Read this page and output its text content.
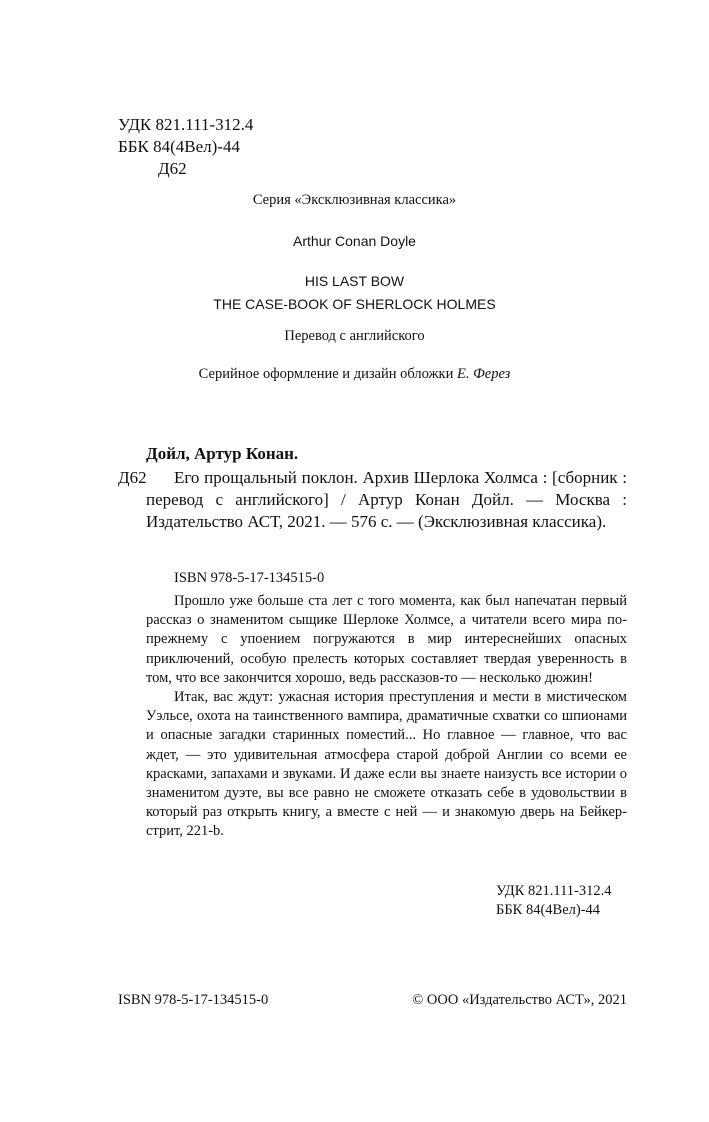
УДК 821.111-312.4
ББК 84(4Вел)-44
Д62
Серия «Эксклюзивная классика»
Arthur Conan Doyle
HIS LAST BOW
THE CASE-BOOK OF SHERLOCK HOLMES
Перевод с английского
Серийное оформление и дизайн обложки Е. Ферез
Дойл, Артур Конан.
Д62	Его прощальный поклон. Архив Шерлока Холмса : [сборник : перевод с английского] / Артур Конан Дойл. — Москва : Издательство АСТ, 2021. — 576 с. — (Эксклюзивная классика).

ISBN 978-5-17-134515-0

Прошло уже больше ста лет с того момента, как был напечатан первый рассказ о знаменитом сыщике Шерлоке Холмсе, а читатели всего мира по-прежнему с упоением погружаются в мир интереснейших опасных приключений, особую прелесть которых составляет твердая уверенность в том, что все закончится хорошо, ведь рассказов-то — несколько дюжин!

Итак, вас ждут: ужасная история преступления и мести в мистическом Уэльсе, охота на таинственного вампира, драматичные схватки со шпионами и опасные загадки старинных поместий... Но главное — главное, что вас ждет, — это удивительная атмосфера старой доброй Англии со всеми ее красками, запахами и звуками. И даже если вы знаете наизусть все истории о знаменитом дуэте, вы все равно не сможете отказать себе в удовольствии в который раз открыть книгу, а вместе с ней — и знакомую дверь на Бейкер-стрит, 221-b.

УДК 821.111-312.4
ББК 84(4Вел)-44
ISBN 978-5-17-134515-0	© ООО «Издательство АСТ», 2021
